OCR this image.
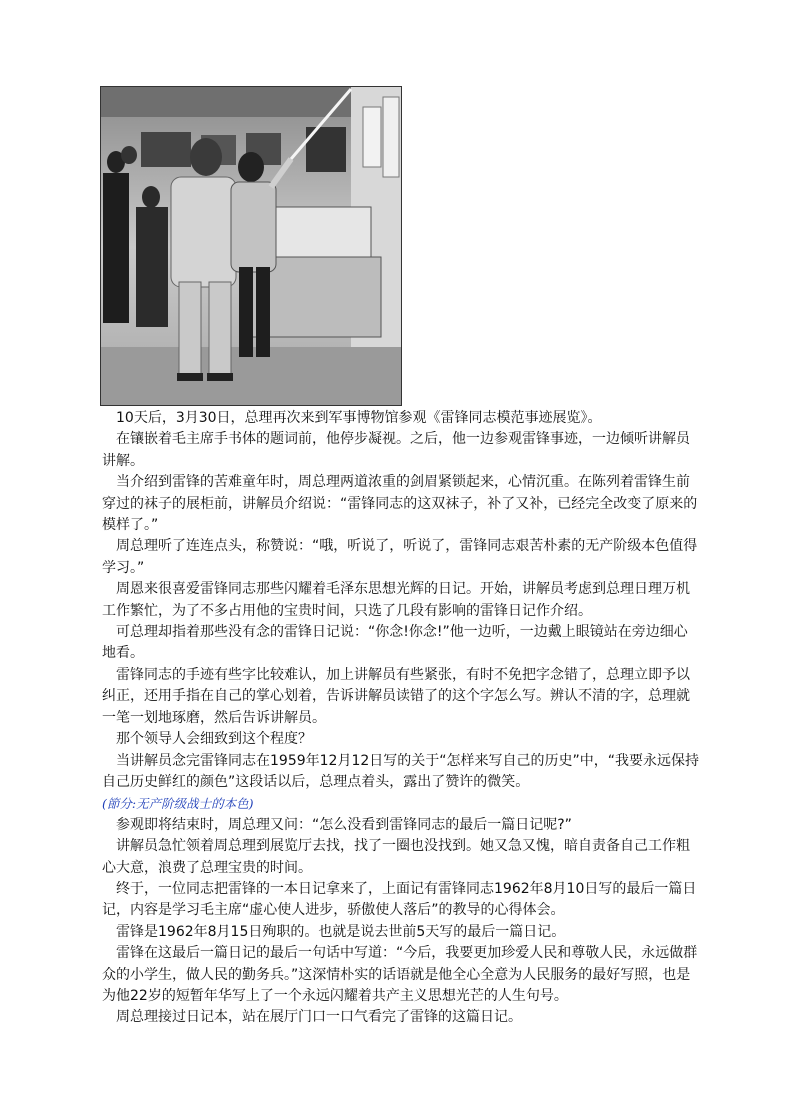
10天后，3月30日，总理再次来到军事博物馆参观《雷锋同志模范事迹展览》。

在镶嵌着毛主席手书体的题词前，他停步凝视。之后，他一边参观雷锋事迹，一边倾听讲解员讲解。

当介绍到雷锋的苦难童年时，周总理两道浓重的剑眉紧锁起来，心情沉重。在陈列着雷锋生前穿过的袜子的展柜前，讲解员介绍说：“雷锋同志的这双袜子，补了又补，已经完全改变了原来的模样了。”

周总理听了连连点头，称赞说：“哦，听说了，听说了，雷锋同志艰苦朴素的无产阶级本色值得学习。”

周恩来很喜爱雷锋同志那些闪耀着毛泽东思想光辉的日记。开始，讲解员考虑到总理日理万机工作繁忙，为了不多占用他的宝贵时间，只选了几段有影响的雷锋日记作介绍。

可总理却指着那些没有念的雷锋日记说：“你念!你念!”他一边听，一边戴上眼镜站在旁边细心地看。

雷锋同志的手迹有些字比较难认，加上讲解员有些紧张，有时不免把字念错了，总理立即予以纠正，还用手指在自己的掌心划着，告诉讲解员读错了的这个字怎么写。辨认不清的字，总理就一笔一划地琢磨，然后告诉讲解员。

那个领导人会细致到这个程度？

当讲解员念完雷锋同志在1959年12月12日写的关于“怎样来写自己的历史”中，“我要永远保持自己历史鲜红的颜色”这段话以后，总理点着头，露出了赞许的微笑。

(節分:无产阶级战士的本色)

参观即将结束时，周总理又问：“怎么没看到雷锋同志的最后一篇日记呢?”

讲解员急忙领着周总理到展览厅去找，找了一圈也没找到。她又急又愧，暗自责备自己工作粗心大意，浪费了总理宝贵的时间。

终于，一位同志把雷锋的一本日记拿来了，上面记有雷锋同志1962年8月10日写的最后一篇日记，内容是学习毛主席“虚心使人进步，骄傲使人落后”的教导的心得体会。

雷锋是1962年8月15日殉职的。也就是说去世前5天写的最后一篇日记。

雷锋在这最后一篇日记的最后一句话中写道：“今后，我要更加珍爱人民和尊敬人民，永远做群众的小学生，做人民的勤务兵。”这深情朴实的话语就是他全心全意为人民服务的最好写照，也是为他22岁的短暂年华写上了一个永远闪耀着共产主义思想光芒的人生句号。

周总理接过日记本，站在展厅门口一口气看完了雷锋的这篇日记。
